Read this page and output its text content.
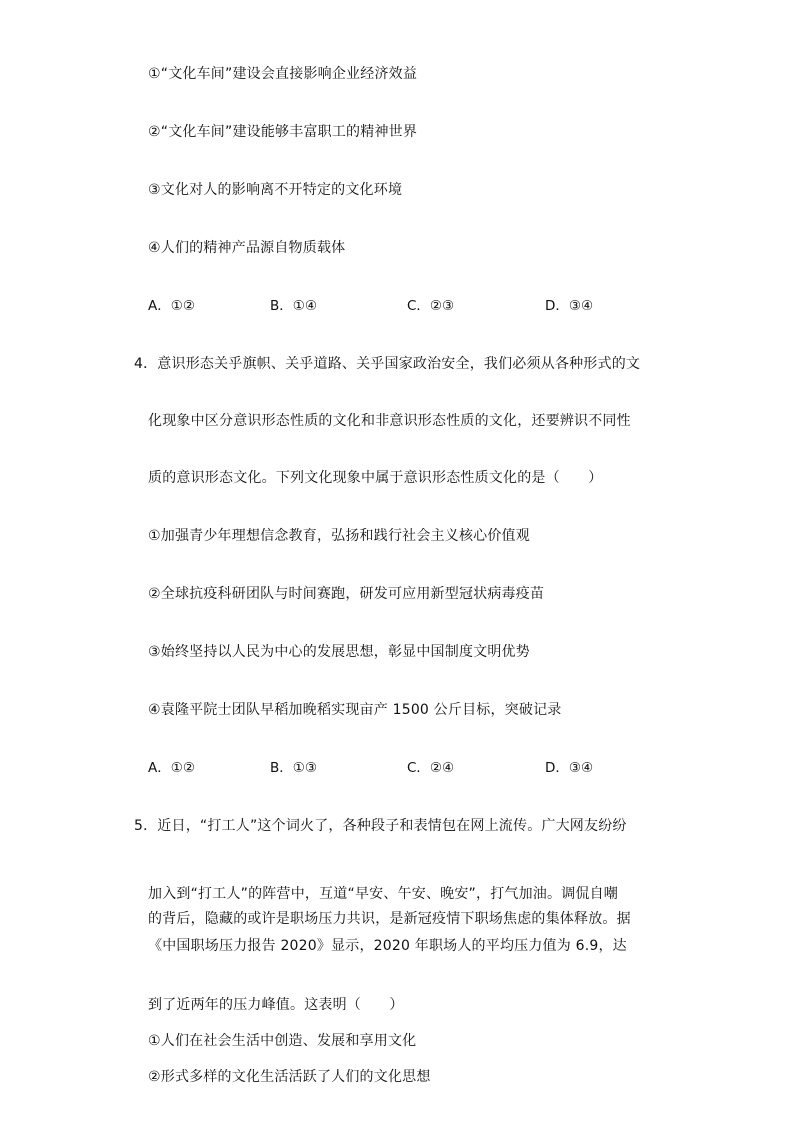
①“文化车间”建设会直接影响企业经济效益
②“文化车间”建设能够丰富职工的精神世界
③文化对人的影响离不开特定的文化环境
④人们的精神产品源自物质载体
A．①②	B．①④	C．②③	D．③④
4．意识形态关乎旗帜、关乎道路、关乎国家政治安全，我们必须从各种形式的文
化现象中区分意识形态性质的文化和非意识形态性质的文化，还要辨识不同性
质的意识形态文化。下列文化现象中属于意识形态性质文化的是（　　）
①加强青少年理想信念教育，弘扬和践行社会主义核心价值观
②全球抗疫科研团队与时间赛跑，研发可应用新型冠状病毒疫苗
③始终坚持以人民为中心的发展思想，彰显中国制度文明优势
④袁隆平院士团队早稻加晚稻实现亩产 1500 公斤目标，突破记录
A．①②	B．①③	C．②④	D．③④
5．近日，“打工人”这个词火了，各种段子和表情包在网上流传。广大网友纷纷
加入到“打工人”的阵营中，互道“早安、午安、晚安”，打气加油。调侃自嘲
的背后，隐藏的或许是职场压力共识，是新冠疫情下职场焦虑的集体释放。据
《中国职场压力报告 2020》显示，2020 年职场人的平均压力值为 6.9，达
到了近两年的压力峰值。这表明（　　）
①人们在社会生活中创造、发展和享用文化
②形式多样的文化生活活跃了人们的文化思想
